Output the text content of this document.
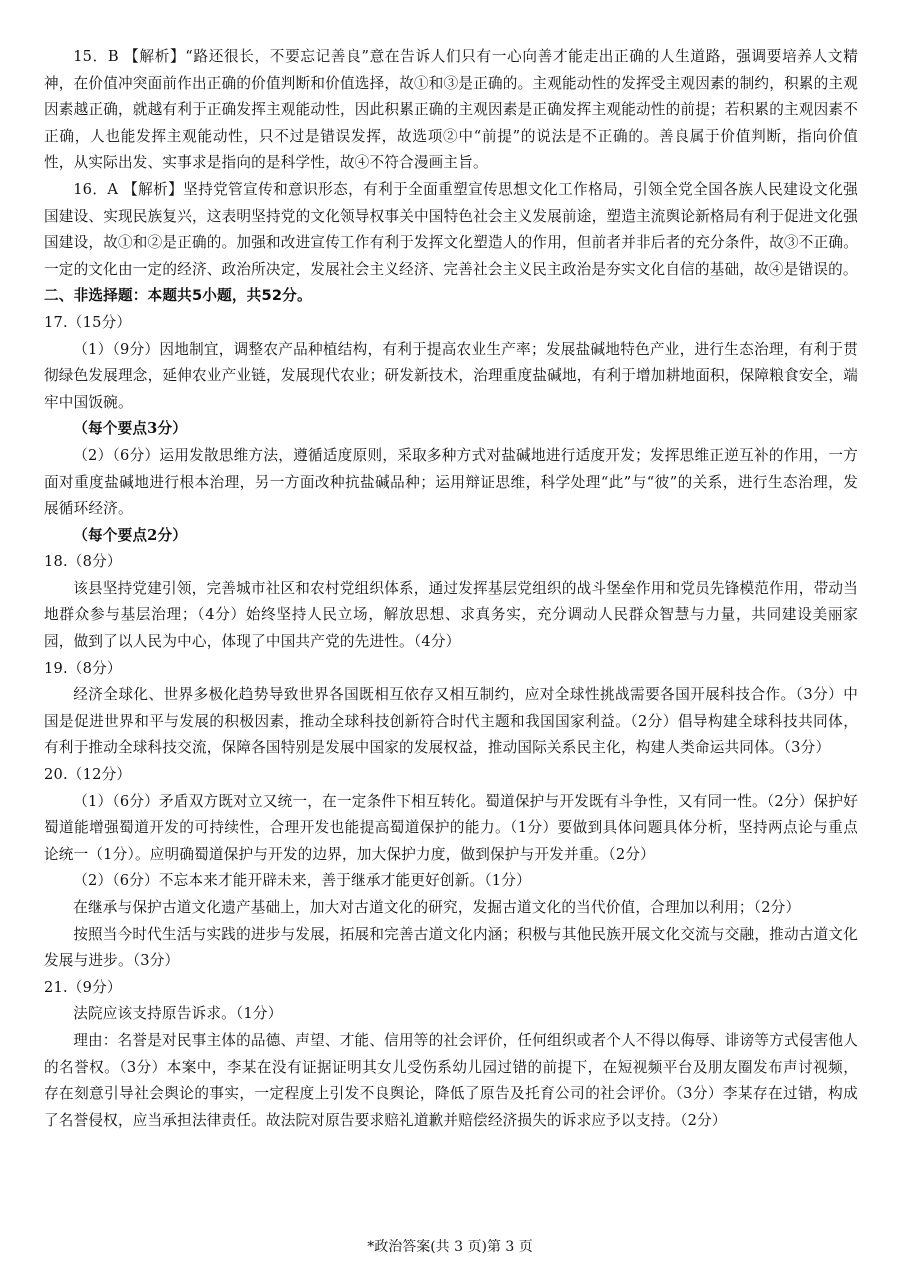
15．B 【解析】“路还很长，不要忘记善良”意在告诉人们只有一心向善才能走出正确的人生道路，强调要培养人文精神，在价值冲突面前作出正确的价值判断和价值选择，故①和③是正确的。主观能动性的发挥受主观因素的制约，积累的主观因素越正确，就越有利于正确发挥主观能动性，因此积累正确的主观因素是正确发挥主观能动性的前提；若积累的主观因素不正确，人也能发挥主观能动性，只不过是错误发挥，故选项②中“前提”的说法是不正确的。善良属于价值判断，指向价值性，从实际出发、实事求是指向的是科学性，故④不符合漫画主旨。

16．A 【解析】坚持党管宣传和意识形态，有利于全面重塑宣传思想文化工作格局，引领全党全国各族人民建设文化强国建设、实现民族复兴，这表明坚持党的文化领导权事关中国特色社会主义发展前途，塑造主流舆论新格局有利于促进文化强国建设，故①和②是正确的。加强和改进宣传工作有利于发挥文化塑造人的作用，但前者并非后者的充分条件，故③不正确。一定的文化由一定的经济、政治所决定，发展社会主义经济、完善社会主义民主政治是夯实文化自信的基础，故④是错误的。

二、非选择题：本题共5小题，共52分。

17.（15分）

（1）（9分）因地制宜，调整农产品种植结构，有利于提高农业生产率；发展盐碱地特色产业，进行生态治理，有利于贯彻绿色发展理念，延伸农业产业链，发展现代农业；研发新技术，治理重度盐碱地，有利于增加耕地面积，保障粮食安全，端牢中国饭碗。

（每个要点3分）

（2）（6分）运用发散思维方法，遵循适度原则，采取多种方式对盐碱地进行适度开发；发挥思维正逆互补的作用，一方面对重度盐碱地进行根本治理，另一方面改种抗盐碱品种；运用辩证思维，科学处理“此”与“彼”的关系，进行生态治理，发展循环经济。

（每个要点2分）

18.（8分）

该县坚持党建引领，完善城市社区和农村党组织体系，通过发挥基层党组织的战斗堡垒作用和党员先锋模范作用，带动当地群众参与基层治理；（4分）始终坚持人民立场，解放思想、求真务实，充分调动人民群众智慧与力量，共同建设美丽家园，做到了以人民为中心，体现了中国共产党的先进性。（4分）

19.（8分）

经济全球化、世界多极化趋势导致世界各国既相互依存又相互制约，应对全球性挑战需要各国开展科技合作。（3分）中国是促进世界和平与发展的积极因素，推动全球科技创新符合时代主题和我国国家利益。（2分）倡导构建全球科技共同体，有利于推动全球科技交流，保障各国特别是发展中国家的发展权益，推动国际关系民主化，构建人类命运共同体。（3分）

20.（12分）

（1）（6分）矛盾双方既对立又统一，在一定条件下相互转化。蜀道保护与开发既有斗争性，又有同一性。（2分）保护好蜀道能增强蜀道开发的可持续性，合理开发也能提高蜀道保护的能力。（1分）要做到具体问题具体分析，坚持两点论与重点论统一（1分）。应明确蜀道保护与开发的边界，加大保护力度，做到保护与开发并重。（2分）

（2）（6分）不忘本来才能开辟未来，善于继承才能更好创新。（1分）

在继承与保护古道文化遗产基础上，加大对古道文化的研究，发掘古道文化的当代价值，合理加以利用；（2分）

按照当今时代生活与实践的进步与发展，拓展和完善古道文化内涵；积极与其他民族开展文化交流与交融，推动古道文化发展与进步。（3分）

21.（9分）

法院应该支持原告诉求。（1分）

理由：名誉是对民事主体的品德、声望、才能、信用等的社会评价，任何组织或者个人不得以侮辱、诽谤等方式侵害他人的名誉权。（3分）本案中，李某在没有证据证明其女儿受伤系幼儿园过错的前提下，在短视频平台及朋友圈发布声讨视频，存在刻意引导社会舆论的事实，一定程度上引发不良舆论，降低了原告及托育公司的社会评价。（3分）李某存在过错，构成了名誉侵权，应当承担法律责任。故法院对原告要求赔礼道歉并赔偿经济损失的诉求应予以支持。（2分）

*政治答案(共 3 页)第 3 页
